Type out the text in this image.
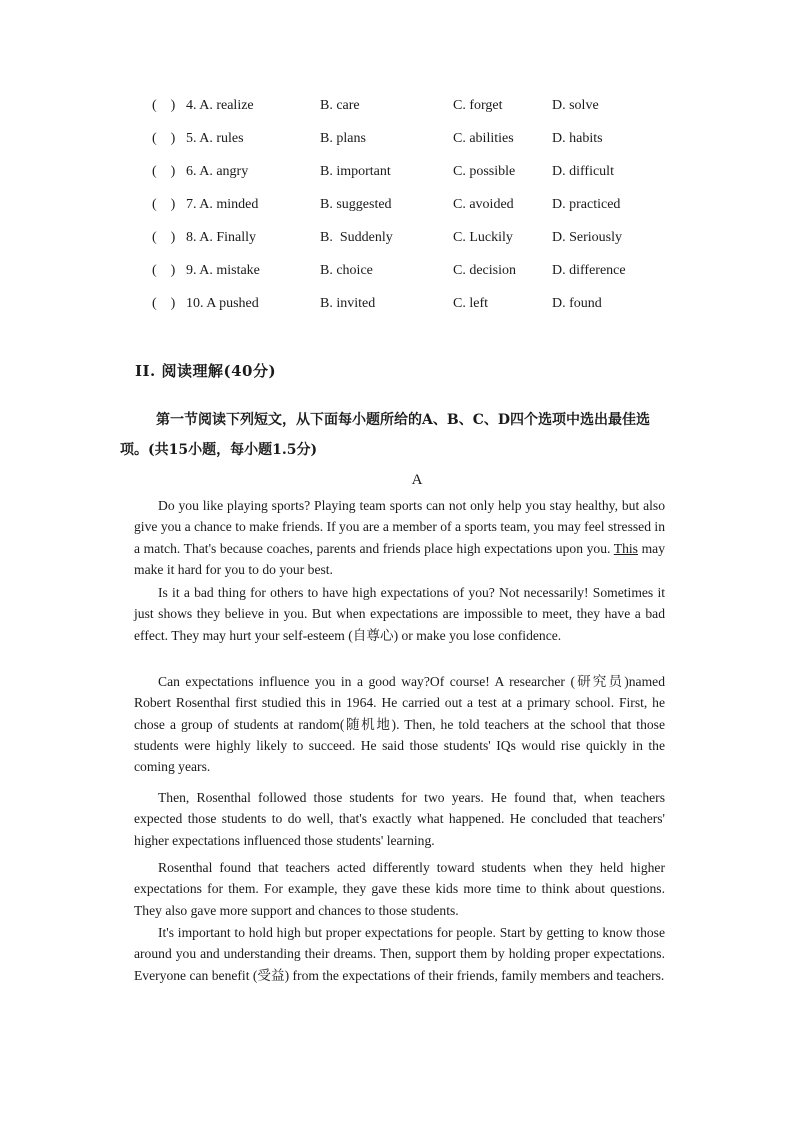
(    ) 4. A. realize	B. care	C. forget	D. solve
(    ) 5. A. rules	B. plans	C. abilities	D. habits
(    ) 6. A. angry	B. important	C. possible	D. difficult
(    ) 7. A. minded	B. suggested	C. avoided	D. practiced
(    ) 8. A. Finally	B.  Suddenly	C. Luckily	D. Seriously
(    ) 9. A. mistake	B. choice	C. decision	D. difference
(    ) 10. A pushed	B. invited	C. left	D. found
II. 阅读理解(40分)
第一节阅读下列短文，从下面每小题所给的A、B、C、D四个选项中选出最佳选
项。(共15小题，每小题1.5分)
A
Do you like playing sports? Playing team sports can not only help you stay healthy, but also give you a chance to make friends. If you are a member of a sports team, you may feel stressed in a match. That's because coaches, parents and friends place high expectations upon you. This may make it hard for you to do your best.
Is it a bad thing for others to have high expectations of you? Not necessarily! Sometimes it just shows they believe in you. But when expectations are impossible to meet, they have a bad effect. They may hurt your self-esteem (自尊心) or make you lose confidence.
Can expectations influence you in a good way?Of course! A researcher (研究员)named Robert Rosenthal first studied this in 1964. He carried out a test at a primary school. First, he chose a group of students at random(随机地). Then, he told teachers at the school that those students were highly likely to succeed. He said those students' IQs would rise quickly in the coming years.
Then, Rosenthal followed those students for two years. He found that, when teachers expected those students to do well, that's exactly what happened. He concluded that teachers' higher expectations influenced those students' learning.
Rosenthal found that teachers acted differently toward students when they held higher expectations for them. For example, they gave these kids more time to think about questions. They also gave more support and chances to those students.
It's important to hold high but proper expectations for people. Start by getting to know those around you and understanding their dreams. Then, support them by holding proper expectations. Everyone can benefit (受益) from the expectations of their friends, family members and teachers.
